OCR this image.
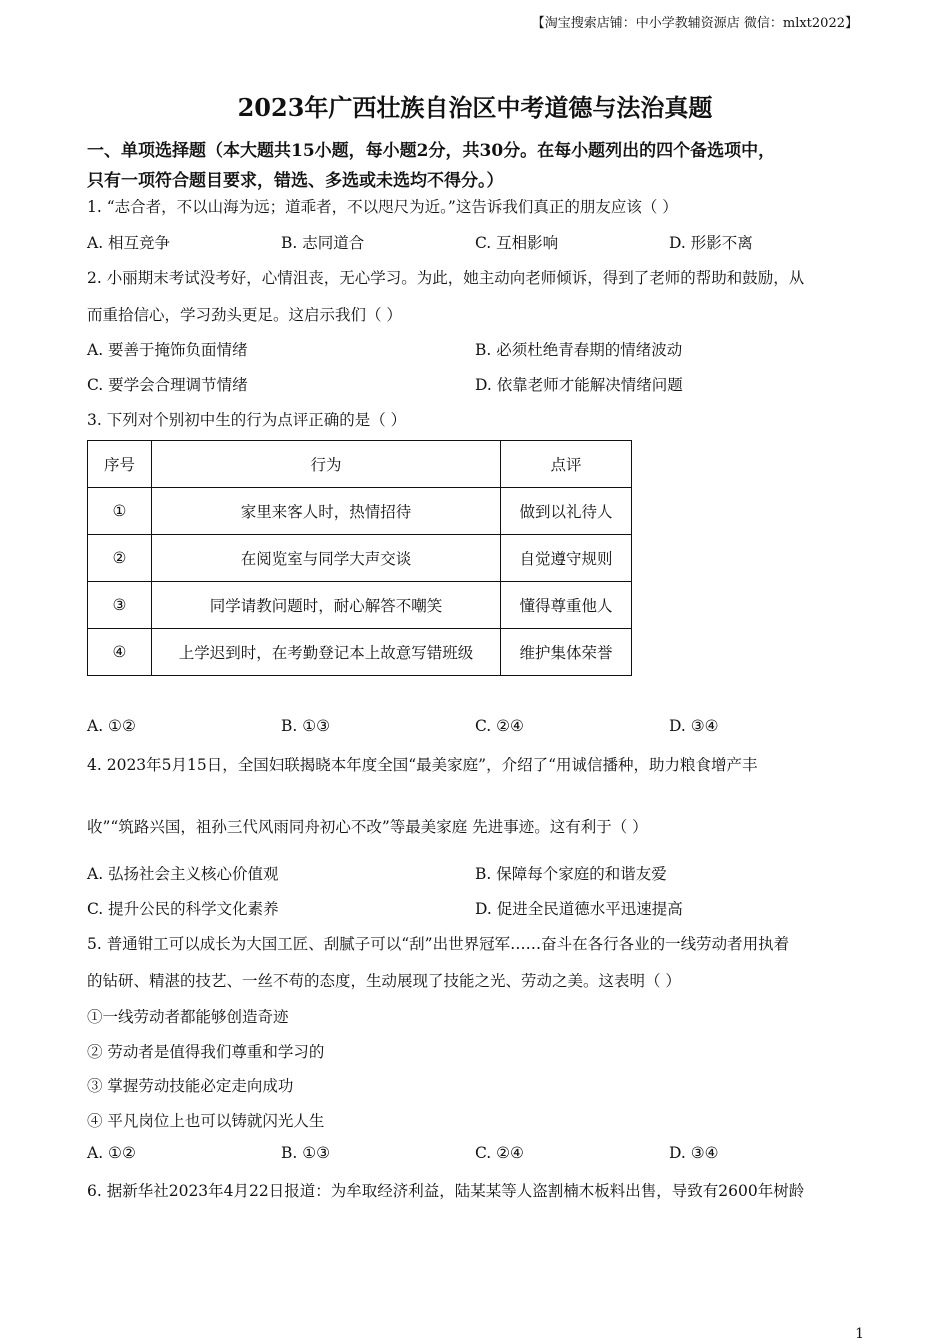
【淘宝搜索店铺：中小学教辅资源店 微信：mlxt2022】
2023年广西壮族自治区中考道德与法治真题
一、单项选择题（本大题共15小题，每小题2分，共30分。在每小题列出的四个备选项中，
只有一项符合题目要求，错选、多选或未选均不得分。）
1. “志合者，不以山海为远；道乖者，不以咫尺为近。”这告诉我们真正的朋友应该（ ）
A. 相互竞争	B. 志同道合	C. 互相影响	D. 形影不离
2. 小丽期末考试没考好，心情沮丧，无心学习。为此，她主动向老师倾诉，得到了老师的帮助和鼓励，从
而重拾信心，学习劲头更足。这启示我们（ ）
A. 要善于掩饰负面情绪	B. 必须杜绝青春期的情绪波动
C. 要学会合理调节情绪	D. 依靠老师才能解决情绪问题
3. 下列对个别初中生的行为点评正确的是（ ）
序号	行为	点评
①	家里来客人时，热情招待	做到以礼待人
②	在阅览室与同学大声交谈	自觉遵守规则
③	同学请教问题时，耐心解答不嘲笑	懂得尊重他人
④	上学迟到时，在考勤登记本上故意写错班级	维护集体荣誉
A. ①②	B. ①③	C. ②④	D. ③④
4. 2023年5月15日，全国妇联揭晓本年度全国“最美家庭”，介绍了“用诚信播种，助力粮食增产丰
收”“筑路兴国，祖孙三代风雨同舟初心不改”等最美家庭 先进事迹。这有利于（ ）
A. 弘扬社会主义核心价值观	B. 保障每个家庭的和谐友爱
C. 提升公民的科学文化素养	D. 促进全民道德水平迅速提高
5. 普通钳工可以成长为大国工匠、刮腻子可以“刮”出世界冠军……奋斗在各行各业的一线劳动者用执着
的钻研、精湛的技艺、一丝不苟的态度，生动展现了技能之光、劳动之美。这表明（ ）
①一线劳动者都能够创造奇迹
② 劳动者是值得我们尊重和学习的
③ 掌握劳动技能必定走向成功
④ 平凡岗位上也可以铸就闪光人生
A. ①②	B. ①③	C. ②④	D. ③④
6. 据新华社2023年4月22日报道：为牟取经济利益，陆某某等人盗割楠木板料出售，导致有2600年树龄
1
